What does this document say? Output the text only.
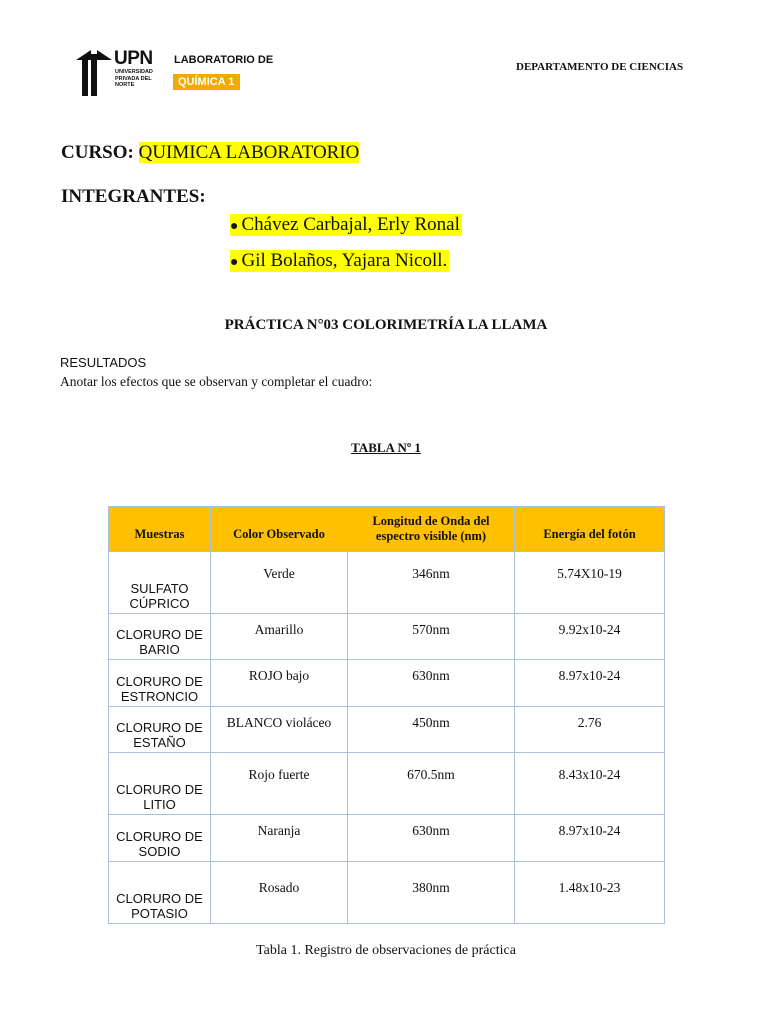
UPN
UNIVERSIDAD PRIVADA DEL NORTE
LABORATORIO DE
QUÍMICA 1
DEPARTAMENTO DE CIENCIAS
CURSO: QUIMICA LABORATORIO
INTEGRANTES:
● Chávez Carbajal, Erly Ronal
● Gil Bolaños, Yajara Nicoll.
PRÁCTICA N°03 COLORIMETRÍA LA LLAMA
RESULTADOS
Anotar los efectos que se observan y completar el cuadro:
TABLA Nº 1
Muestras	Color Observado	Longitud de Onda del espectro visible (nm)	Energía del fotón
SULFATO CÚPRICO	Verde	346nm	5.74X10-19
CLORURO DE BARIO	Amarillo	570nm	9.92x10-24
CLORURO DE ESTRONCIO	ROJO bajo	630nm	8.97x10-24
CLORURO DE ESTAÑO	BLANCO violáceo	450nm	2.76
CLORURO DE LITIO	Rojo fuerte	670.5nm	8.43x10-24
CLORURO DE SODIO	Naranja	630nm	8.97x10-24
CLORURO DE POTASIO	Rosado	380nm	1.48x10-23
Tabla 1. Registro de observaciones de práctica
